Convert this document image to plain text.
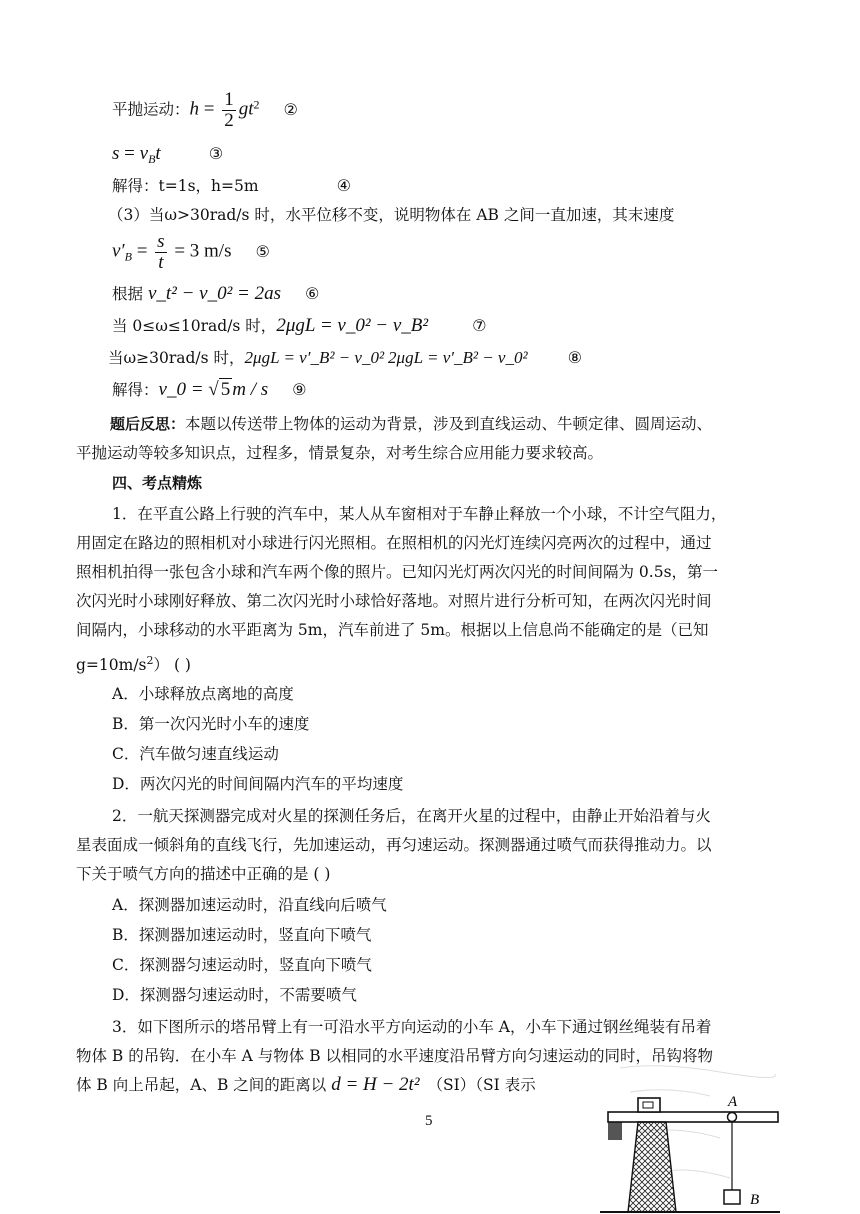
平抛运动：$h = \frac{1}{2} gt^2$ ②
$s = v_Bt$	③
解得：t=1s，h=5m	④
（3）当ω>30rad/s 时，水平位移不变，说明物体在 AB 之间一直加速，其末速度
$v'_B = \frac{s}{t} = 3$ m/s ⑤
根据 v_t² − v_0² = 2as ⑥
当 0≤ω≤10rad/s 时，2μgL = v_0² − v_B²	⑦
当ω≥30rad/s 时，2μgL = v′_B² − v_0² 2μgL = v′_B² − v_0²	⑧
解得：v_0 = √ 5 m / s ⑨
题后反思：本题以传送带上物体的运动为背景，涉及到直线运动、牛顿定律、圆周运动、
平抛运动等较多知识点，过程多，情景复杂，对考生综合应用能力要求较高。
四、考点精炼
1．在平直公路上行驶的汽车中，某人从车窗相对于车静止释放一个小球，不计空气阻力，
用固定在路边的照相机对小球进行闪光照相。在照相机的闪光灯连续闪亮两次的过程中，通过
照相机拍得一张包含小球和汽车两个像的照片。已知闪光灯两次闪光的时间间隔为 0.5s，第一
次闪光时小球刚好释放、第二次闪光时小球恰好落地。对照片进行分析可知，在两次闪光时间
间隔内，小球移动的水平距离为 5m，汽车前进了 5m。根据以上信息尚不能确定的是（已知
$g=10m/s^2$） ( )
A．小球释放点离地的高度
B．第一次闪光时小车的速度
C．汽车做匀速直线运动
D．两次闪光的时间间隔内汽车的平均速度
2．一航天探测器完成对火星的探测任务后，在离开火星的过程中，由静止开始沿着与火
星表面成一倾斜角的直线飞行，先加速运动，再匀速运动。探测器通过喷气而获得推动力。以
下关于喷气方向的描述中正确的是 ( )
A．探测器加速运动时，沿直线向后喷气
B．探测器加速运动时，竖直向下喷气
C．探测器匀速运动时，竖直向下喷气
D．探测器匀速运动时，不需要喷气
3．如下图所示的塔吊臂上有一可沿水平方向运动的小车 A，小车下通过钢丝绳装有吊着
物体 B 的吊钩．在小车 A 与物体 B 以相同的水平速度沿吊臂方向匀速运动的同时，吊钩将物
体 B 向上吊起，A、B 之间的距离以 d = H − 2t² （SI）（SI 表示
5
A
B
